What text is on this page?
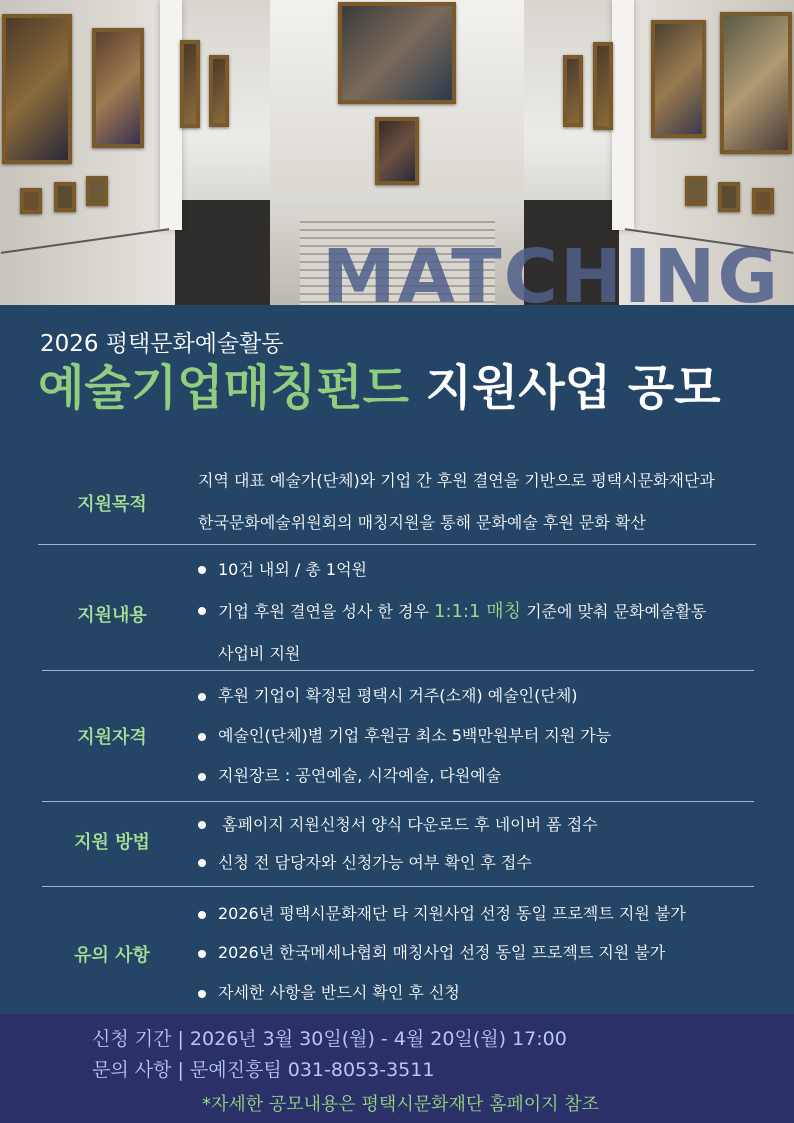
MATCHING
2026 평택문화예술활동
예술기업매칭펀드 지원사업 공모
지원목적
지역 대표 예술가(단체)와 기업 간 후원 결연을 기반으로 평택시문화재단과
한국문화예술위원회의 매칭지원을 통해 문화예술 후원 문화 확산
지원내용
10건 내외 / 총 1억원
기업 후원 결연을 성사 한 경우 1:1:1 매칭 기준에 맞춰 문화예술활동
사업비 지원
지원자격
후원 기업이 확정된 평택시 거주(소재) 예술인(단체)
예술인(단체)별 기업 후원금 최소 5백만원부터 지원 가능
지원장르 : 공연예술, 시각예술, 다원예술
지원 방법
홈페이지 지원신청서 양식 다운로드 후 네이버 폼 접수
신청 전 담당자와 신청가능 여부 확인 후 접수
유의 사항
2026년 평택시문화재단 타 지원사업 선정 동일 프로젝트 지원 불가
2026년 한국메세나협회 매칭사업 선정 동일 프로젝트 지원 불가
자세한 사항을 반드시 확인 후 신청
신청 기간 | 2026년 3월 30일(월) - 4월 20일(월) 17:00
문의 사항 | 문예진흥팀 031-8053-3511
*자세한 공모내용은 평택시문화재단 홈페이지 참조
